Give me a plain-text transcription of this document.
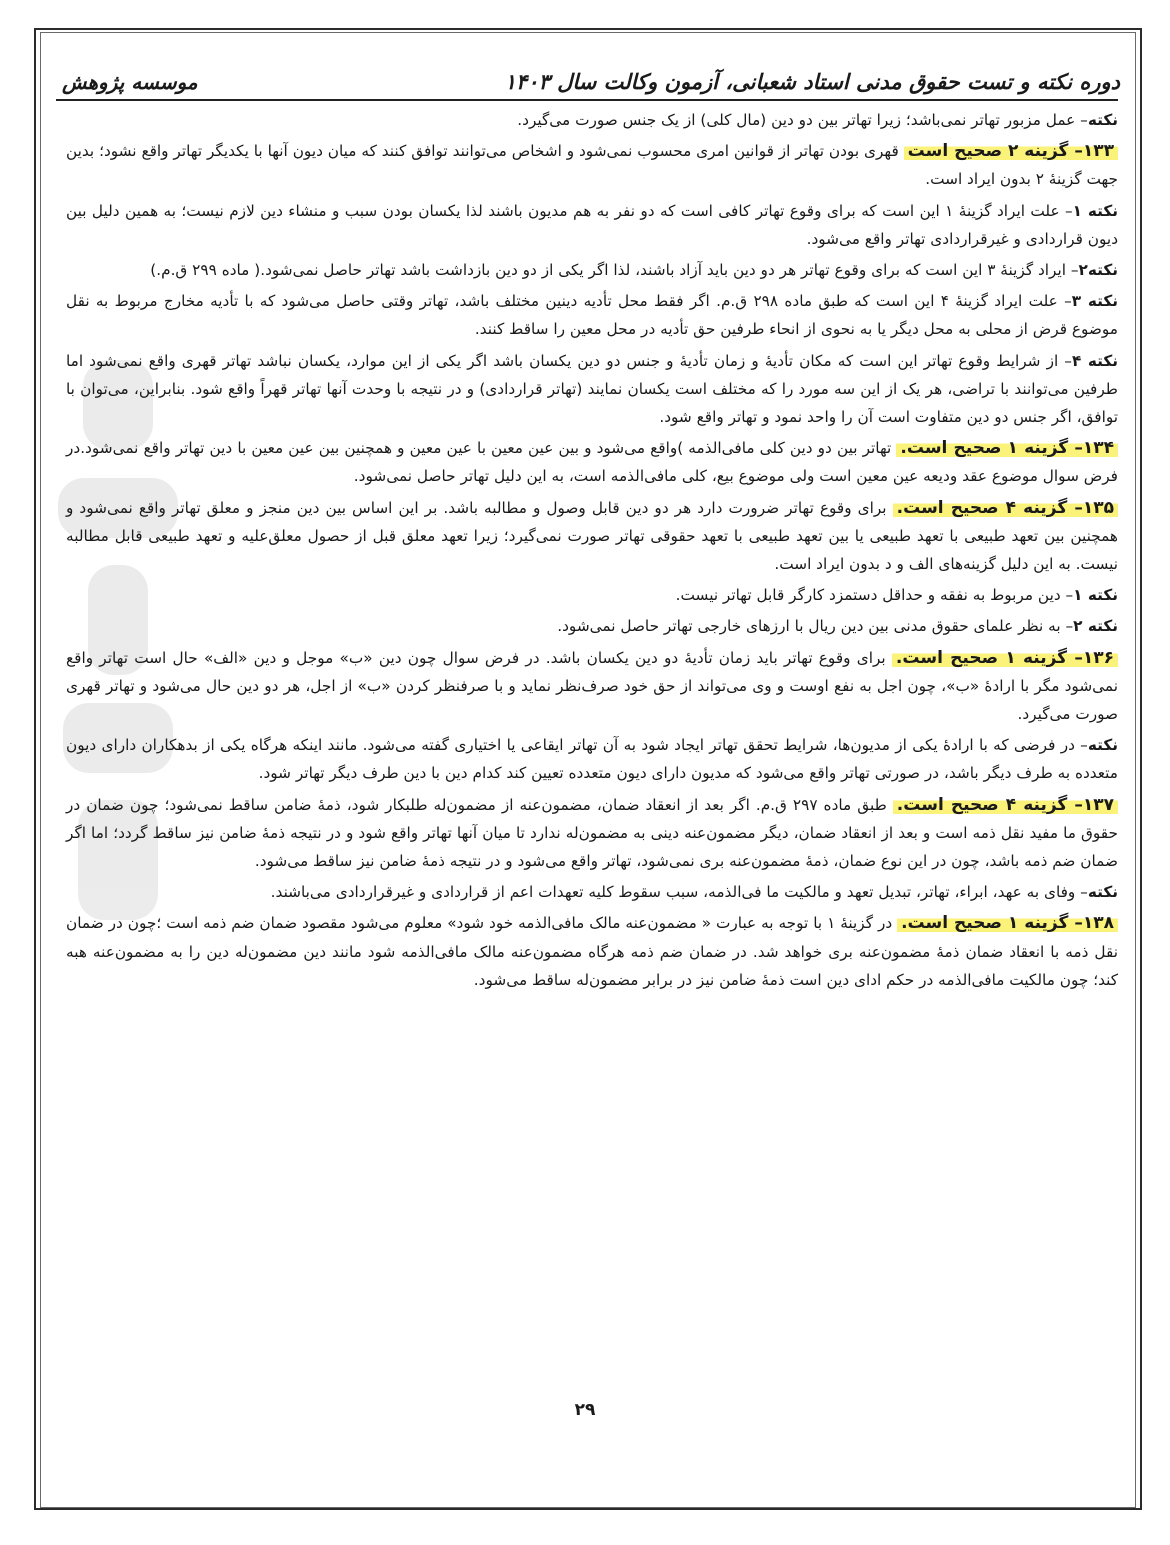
دوره نکته و تست حقوق مدنی استاد شعبانی، آزمون وکالت سال ۱۴۰۳
موسسه پژوهش

نکته– عمل مزبور تهاتر نمی‌باشد؛ زیرا تهاتر بین دو دین (مال کلی) از یک جنس صورت می‌گیرد.

۱۳۳– گزینه ۲ صحیح است قهری بودن تهاتر از قوانین امری محسوب نمی‌شود و اشخاص می‌توانند توافق کنند که میان دیون آنها با یکدیگر تهاتر واقع نشود؛ بدین جهت گزینهٔ ۲ بدون ایراد است.

نکته ۱– علت ایراد گزینهٔ ۱ این است که برای وقوع تهاتر کافی است که دو نفر به هم مدیون باشند لذا یکسان بودن سبب و منشاء دین لازم نیست؛ به همین دلیل بین دیون قراردادی و غیرقراردادی تهاتر واقع می‌شود.

نکته۲– ایراد گزینهٔ ۳ این است که برای وقوع تهاتر هر دو دین باید آزاد باشند، لذا اگر یکی از دو دین بازداشت باشد تهاتر حاصل نمی‌شود.( ماده ۲۹۹ ق.م.)

نکته ۳– علت ایراد گزینهٔ ۴ این است که طبق ماده ۲۹۸ ق.م. اگر فقط محل تأدیه دینین مختلف باشد، تهاتر وقتی حاصل می‌شود که با تأدیه مخارج مربوط به نقل موضوع قرض از محلی به محل دیگر یا به نحوی از انحاء طرفین حق تأدیه در محل معین را ساقط کنند.

نکته ۴– از شرایط وقوع تهاتر این است که مکان تأدیهٔ و زمان تأدیهٔ و جنس دو دین یکسان باشد اگر یکی از این موارد، یکسان نباشد تهاتر قهری واقع نمی‌شود اما طرفین می‌توانند با تراضی، هر یک از این سه مورد را که مختلف است یکسان نمایند (تهاتر قراردادی) و در نتیجه با وحدت آنها تهاتر قهراً واقع شود. بنابراین، می‌توان با توافق، اگر جنس دو دین متفاوت است آن را واحد نمود و تهاتر واقع شود.

۱۳۴– گزینه ۱ صحیح است. تهاتر بین دو دین کلی مافی‌الذمه )واقع می‌شود و بین عین معین با عین معین و همچنین بین عین معین با دین تهاتر واقع نمی‌شود.در فرض سوال موضوع عقد ودیعه عین معین است ولی موضوع بیع، کلی مافی‌الذمه است، به این دلیل تهاتر حاصل نمی‌شود.

۱۳۵– گزینه ۴ صحیح است. برای وقوع تهاتر ضرورت دارد هر دو دین قابل وصول و مطالبه باشد. بر این اساس بین دین منجز و معلق تهاتر واقع نمی‌شود و همچنین بین تعهد طبیعی با تعهد طبیعی یا بین تعهد طبیعی با تعهد حقوقی تهاتر صورت نمی‌گیرد؛ زیرا تعهد معلق قبل از حصول معلق‌علیه و تعهد طبیعی قابل مطالبه نیست. به این دلیل گزینه‌های الف و د بدون ایراد است.

نکته ۱– دین مربوط به نفقه و حداقل دستمزد کارگر قابل تهاتر نیست.

نکته ۲– به نظر علمای حقوق مدنی بین دین ریال با ارزهای خارجی تهاتر حاصل نمی‌شود.

۱۳۶– گزینه ۱ صحیح است. برای وقوع تهاتر باید زمان تأدیهٔ دو دین یکسان باشد. در فرض سوال چون دین «ب» موجل و دین «الف» حال است تهاتر واقع نمی‌شود مگر با ارادهٔ «ب»، چون اجل به نفع اوست و وی می‌تواند از حق خود صرف‌نظر نماید و با صرفنظر کردن «ب» از اجل، هر دو دین حال می‌شود و تهاتر قهری صورت می‌گیرد.

نکته– در فرضی که با ارادهٔ یکی از مدیون‌ها، شرایط تحقق تهاتر ایجاد شود به آن تهاتر ایقاعی یا اختیاری گفته می‌شود. مانند اینکه هرگاه یکی از بدهکاران دارای دیون متعدده به طرف دیگر باشد، در صورتی تهاتر واقع می‌شود که مدیون دارای دیون متعدده تعیین کند کدام دین با دین طرف دیگر تهاتر شود.

۱۳۷– گزینه ۴ صحیح است. طبق ماده ۲۹۷ ق.م. اگر بعد از انعقاد ضمان، مضمون‌عنه از مضمون‌له طلبکار شود، ذمهٔ ضامن ساقط نمی‌شود؛ چون ضمان در حقوق ما مفید نقل ذمه است و بعد از انعقاد ضمان، دیگر مضمون‌عنه دینی به مضمون‌له ندارد تا میان آنها تهاتر واقع شود و در نتیجه ذمهٔ ضامن نیز ساقط گردد؛ اما اگر ضمان ضم ذمه باشد، چون در این نوع ضمان، ذمهٔ مضمون‌عنه بری نمی‌شود، تهاتر واقع می‌شود و در نتیجه ذمهٔ ضامن نیز ساقط می‌شود.

نکته– وفای به عهد، ابراء، تهاتر، تبدیل تعهد و مالکیت ما فی‌الذمه، سبب سقوط کلیه تعهدات اعم از قراردادی و غیرقراردادی می‌باشند.

۱۳۸– گزینه ۱ صحیح است. در گزینهٔ ۱ با توجه به عبارت « مضمون‌عنه مالک مافی‌الذمه خود شود» معلوم می‌شود مقصود ضمان ضم ذمه است ؛چون در ضمان نقل ذمه با انعقاد ضمان ذمهٔ مضمون‌عنه بری خواهد شد. در ضمان ضم ذمه هرگاه مضمون‌عنه مالک مافی‌الذمه شود مانند دین مضمون‌له دین را به مضمون‌عنه هبه کند؛ چون مالکیت مافی‌الذمه در حکم ادای دین است ذمهٔ ضامن نیز در برابر مضمون‌له ساقط می‌شود.

۲۹
